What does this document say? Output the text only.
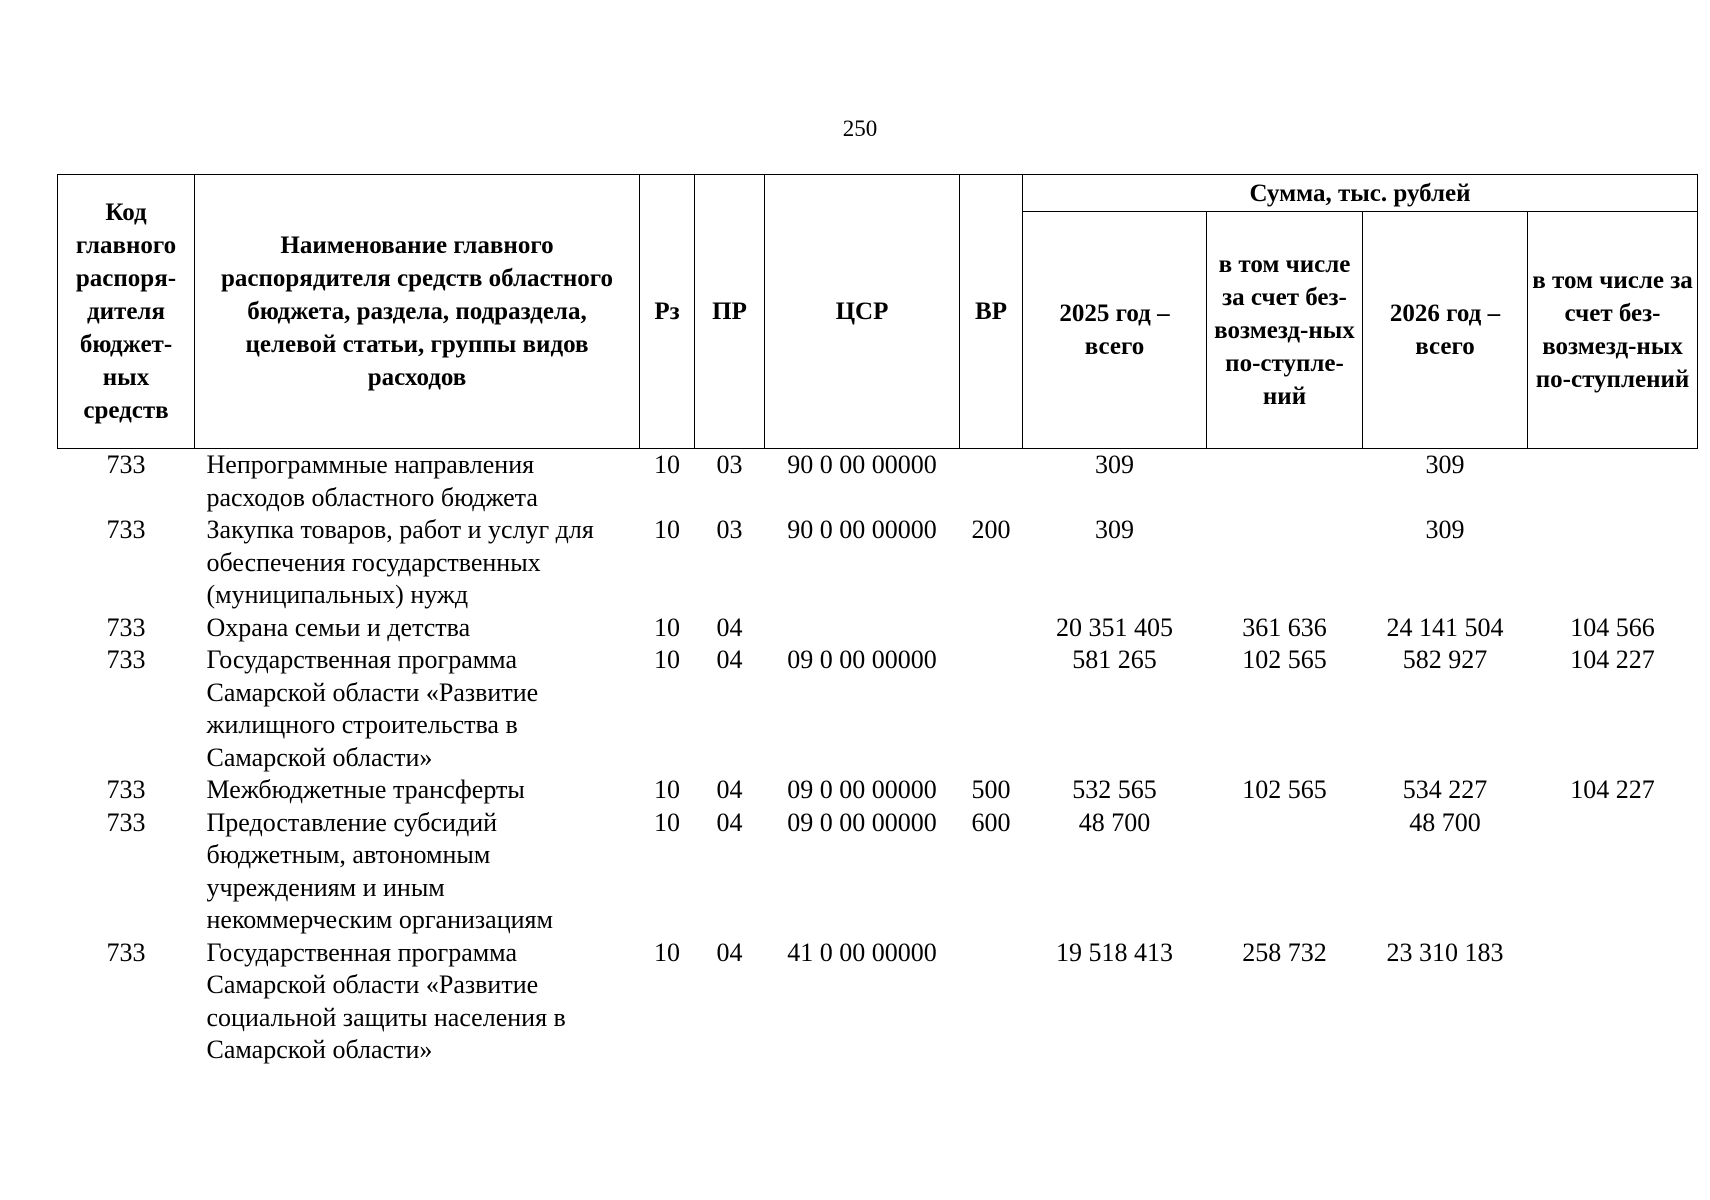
250
Код главного распоря-дителя бюджет-ных средств	Наименование главного распорядителя средств областного бюджета, раздела, подраздела, целевой статьи, группы видов расходов	Рз	ПР	ЦСР	ВР	Сумма, тыс. рублей			
						2025 год – всего	в том числе за счет без-возмезд-ных по-ступле-ний	2026 год – всего	в том числе за счет без-возмезд-ных по-ступлений
733	Непрограммные направления расходов областного бюджета	10	03	90 0 00 00000		309		309	
733	Закупка товаров, работ и услуг для обеспечения государственных (муниципальных) нужд	10	03	90 0 00 00000	200	309		309	
733	Охрана семьи и детства	10	04			20 351 405	361 636	24 141 504	104 566
733	Государственная программа Самарской области «Развитие жилищного строительства в Самарской области»	10	04	09 0 00 00000		581 265	102 565	582 927	104 227
733	Межбюджетные трансферты	10	04	09 0 00 00000	500	532 565	102 565	534 227	104 227
733	Предоставление субсидий бюджетным, автономным учреждениям и иным некоммерческим организациям	10	04	09 0 00 00000	600	48 700		48 700	
733	Государственная программа Самарской области «Развитие социальной защиты населения в Самарской области»	10	04	41 0 00 00000		19 518 413	258 732	23 310 183	
